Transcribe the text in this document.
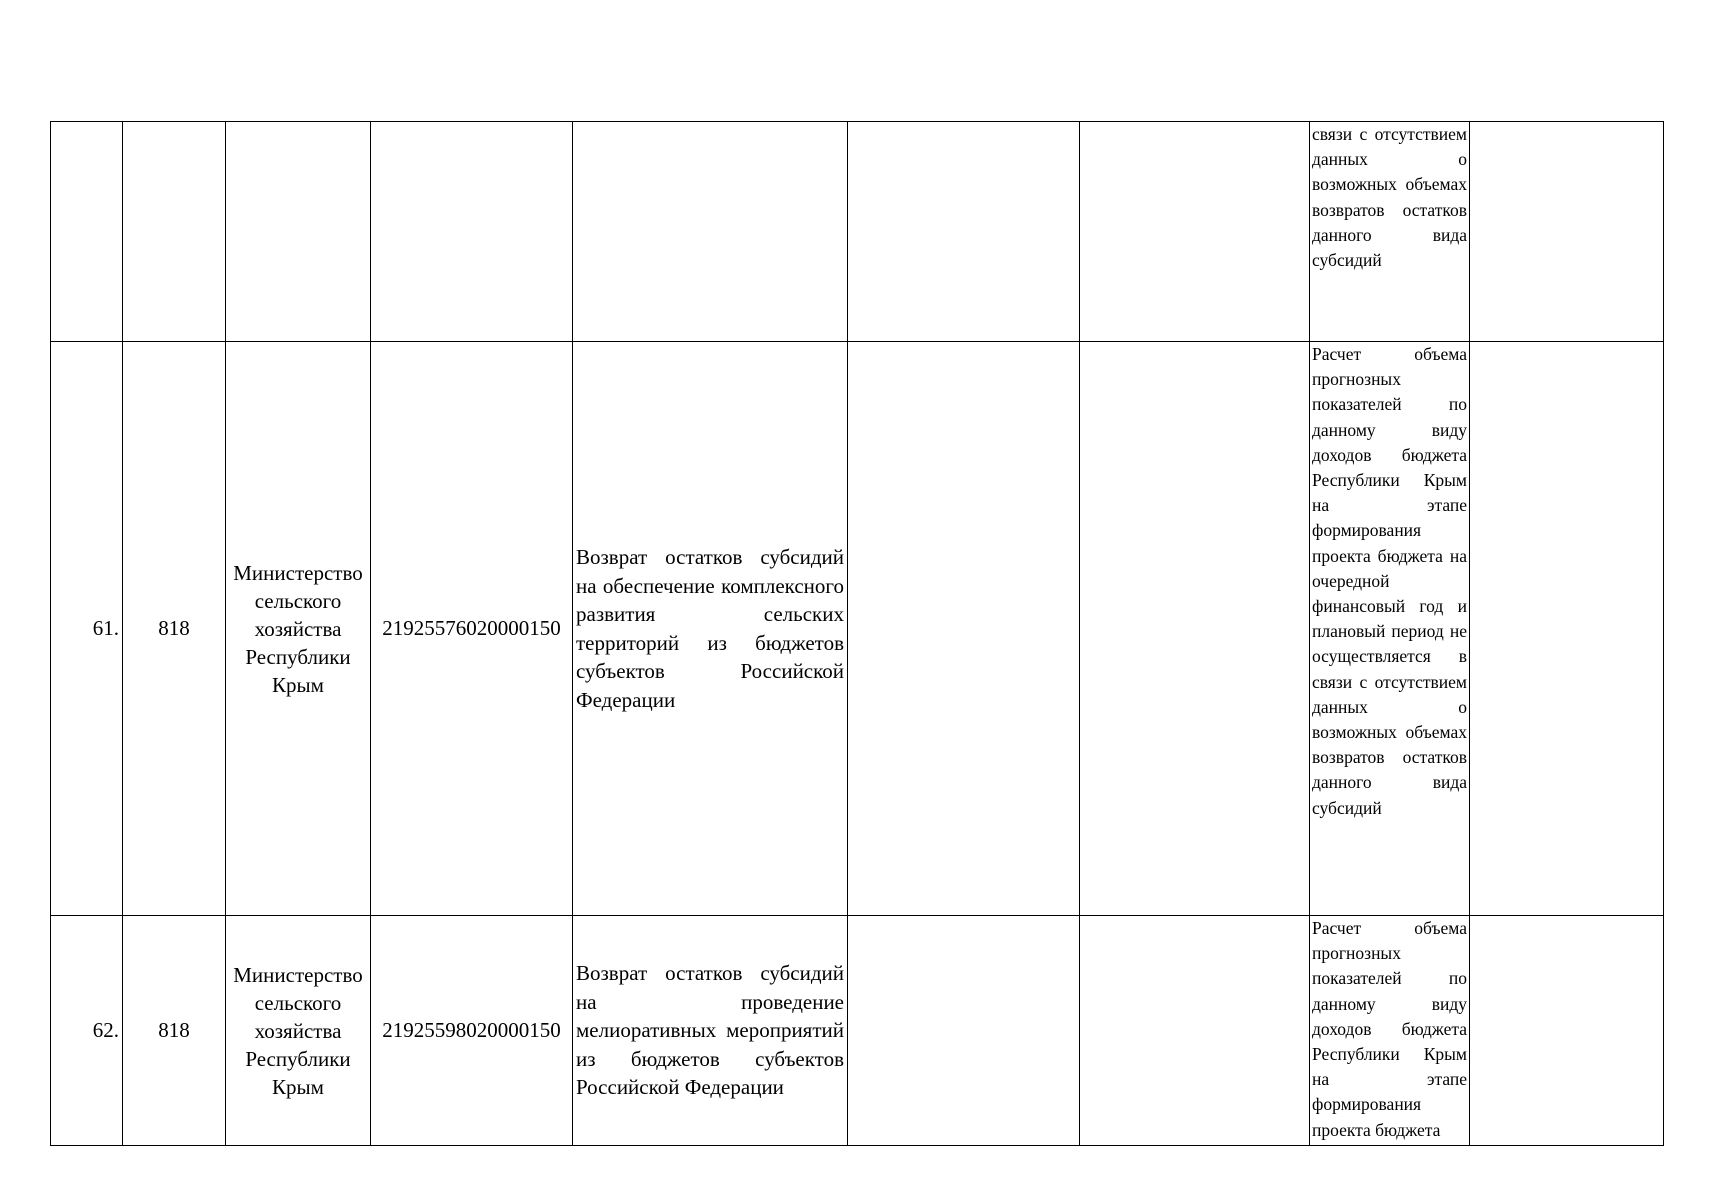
							связи с отсутствием данных о возможных объемах возвратов остатков данного вида субсидий	
61.	818	Министерство сельского хозяйства Республики Крым	21925576020000150	Возврат остатков субсидий на обеспечение комплексного развития сельских территорий из бюджетов субъектов Российской Федерации			Расчет объема прогнозных показателей по данному виду доходов бюджета Республики Крым на этапе формирования проекта бюджета на очередной финансовый год и плановый период не осуществляется в связи с отсутствием данных о возможных объемах возвратов остатков данного вида субсидий	
62.	818	Министерство сельского хозяйства Республики Крым	21925598020000150	Возврат остатков субсидий на проведение мелиоративных мероприятий из бюджетов субъектов Российской Федерации			Расчет объема прогнозных показателей по данному виду доходов бюджета Республики Крым на этапе формирования проекта бюджета	
